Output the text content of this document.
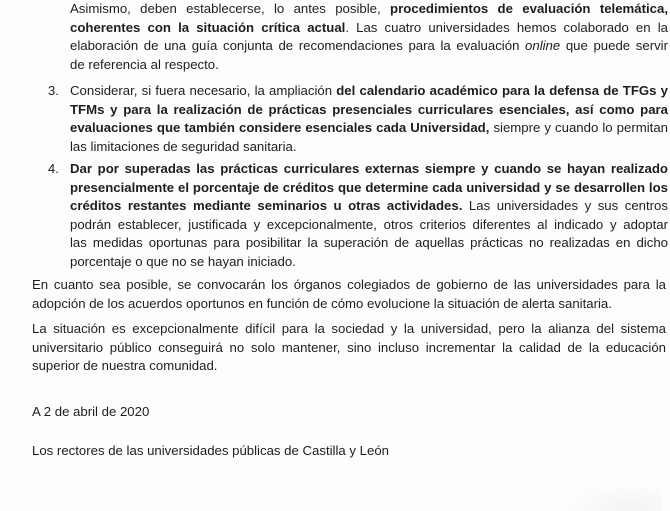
Asimismo, deben establecerse, lo antes posible, procedimientos de evaluación telemática,
coherentes con la situación crítica actual. Las cuatro universidades hemos colaborado en la
elaboración de una guía conjunta de recomendaciones para la evaluación online que puede servir
de referencia al respecto.
3. Considerar, si fuera necesario, la ampliación del calendario académico para la defensa de TFGs y
TFMs y para la realización de prácticas presenciales curriculares esenciales, así como para
evaluaciones que también considere esenciales cada Universidad, siempre y cuando lo permitan
las limitaciones de seguridad sanitaria.
4. Dar por superadas las prácticas curriculares externas siempre y cuando se hayan realizado
presencialmente el porcentaje de créditos que determine cada universidad y se desarrollen los
créditos restantes mediante seminarios u otras actividades. Las universidades y sus centros
podrán establecer, justificada y excepcionalmente, otros criterios diferentes al indicado y adoptar
las medidas oportunas para posibilitar la superación de aquellas prácticas no realizadas en dicho
porcentaje o que no se hayan iniciado.
En cuanto sea posible, se convocarán los órganos colegiados de gobierno de las universidades para la
adopción de los acuerdos oportunos en función de cómo evolucione la situación de alerta sanitaria.
La situación es excepcionalmente difícil para la sociedad y la universidad, pero la alianza del sistema
universitario público conseguirá no solo mantener, sino incluso incrementar la calidad de la educación
superior de nuestra comunidad.
A 2 de abril de 2020
Los rectores de las universidades públicas de Castilla y León
